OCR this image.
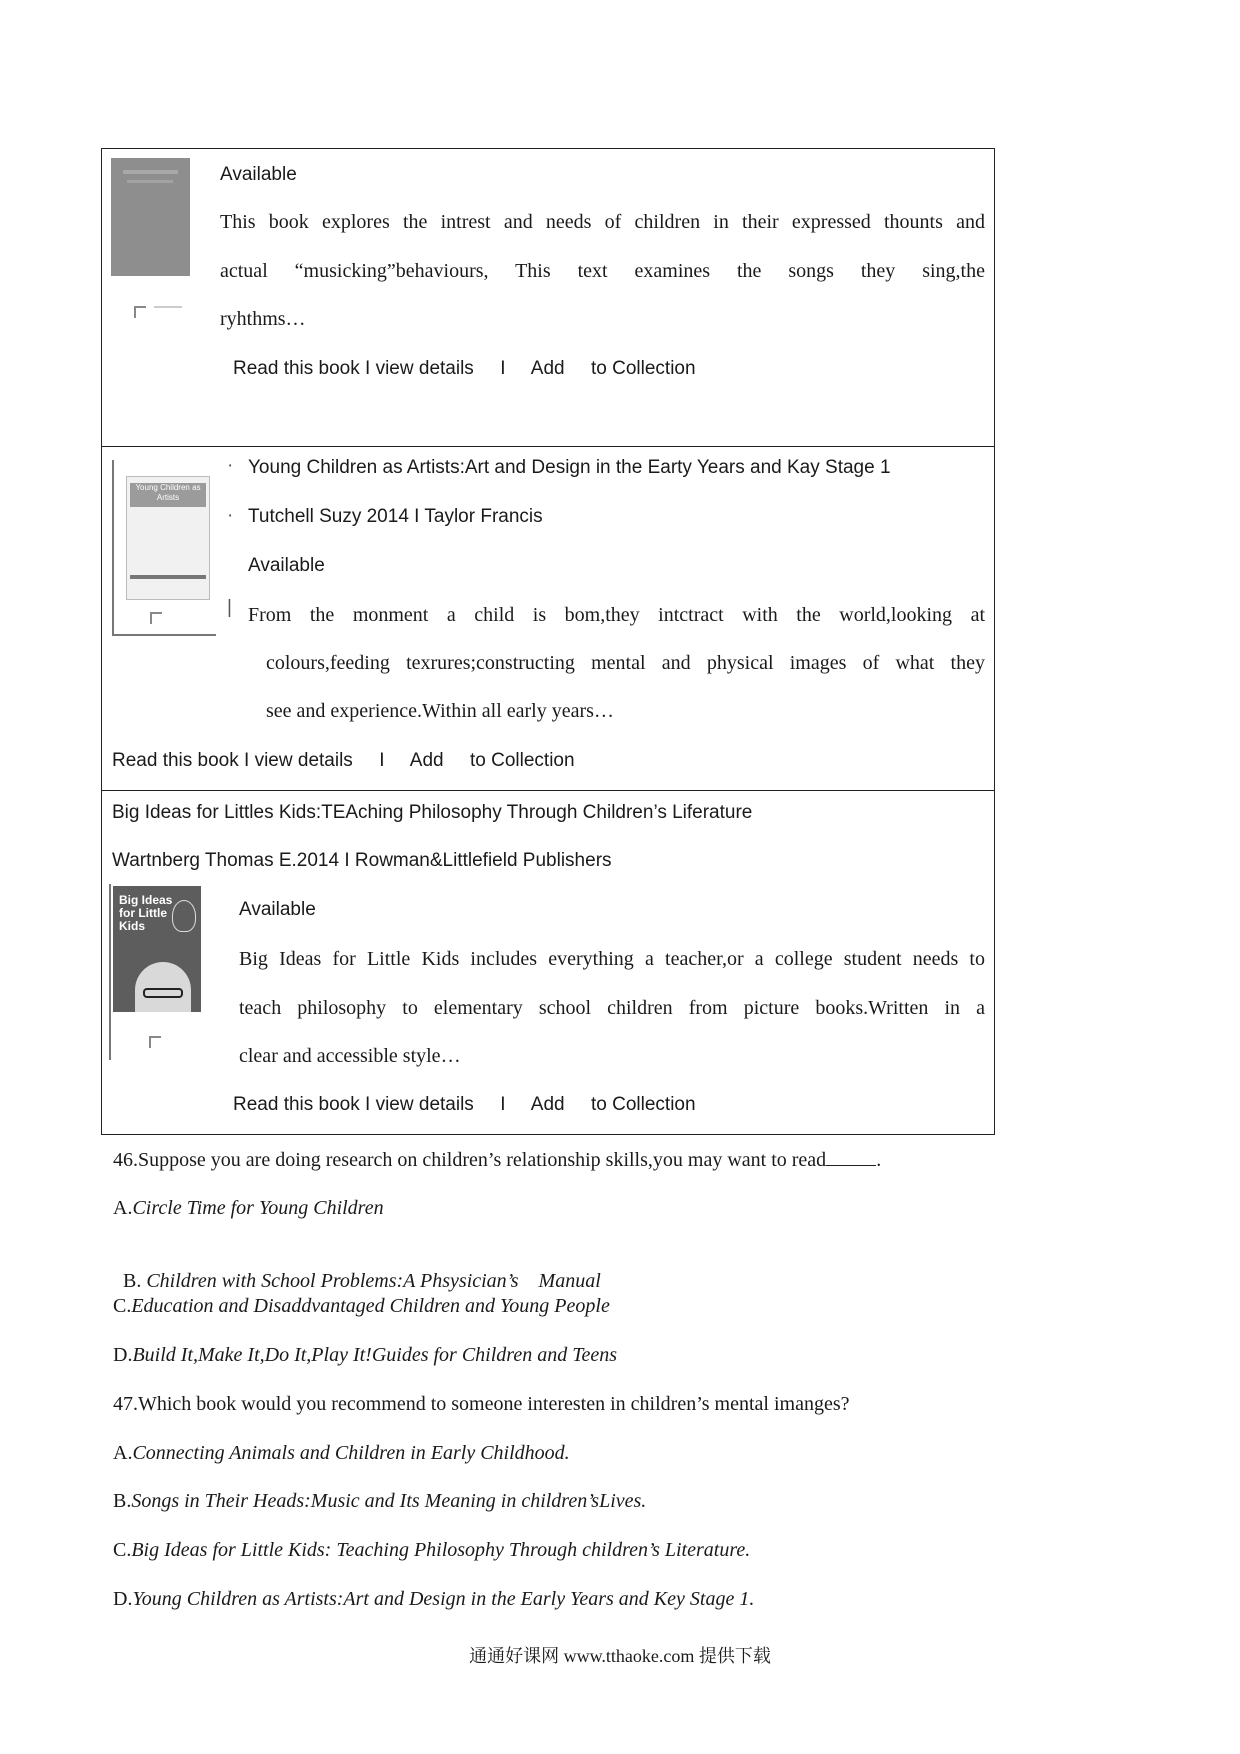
Available
This book explores the intrest and needs of children in their expressed thounts and
actual “musicking”behaviours, This text examines the songs they sing,the
ryhthms…
Read this book I view details     I     Add     to Collection
Young Children as Artists
·
·
|
Young Children as Artists:Art and Design in the Earty Years and Kay Stage 1
Tutchell Suzy 2014 I Taylor Francis
Available
From the monment a child is bom,they intctract with the world,looking at
colours,feeding texrures;constructing mental and physical images of what they
see and experience.Within all early years…
Read this book I view details     I     Add     to Collection
Big Ideas for Littles Kids:TEAching Philosophy Through Children’s Liferature
Wartnberg Thomas E.2014 I Rowman&Littlefield Publishers
Big Ideas for Little Kids
Available
Big Ideas for Little Kids includes everything a teacher,or a college student needs to
teach philosophy to elementary school children from picture books.Written in a
clear and accessible style…
Read this book I view details     I     Add     to Collection
46.Suppose you are doing research on children’s relationship skills,you may want to read	.
A.Circle Time for Young Children

B. Children with School Problems:A Phsysician’s    Manual

C.Education and Disaddvantaged Children and Young People
D.Build It,Make It,Do It,Play It!Guides for Children and Teens
47.Which book would you recommend to someone interesten in children’s mental imanges?
A.Connecting Animals and Children in Early Childhood.
B.Songs in Their Heads:Music and Its Meaning in children’sLives.
C.Big Ideas for Little Kids: Teaching Philosophy Through children’s Literature.
D.Young Children as Artists:Art and Design in the Early Years and Key Stage 1.
通通好课网 www.tthaoke.com 提供下载
